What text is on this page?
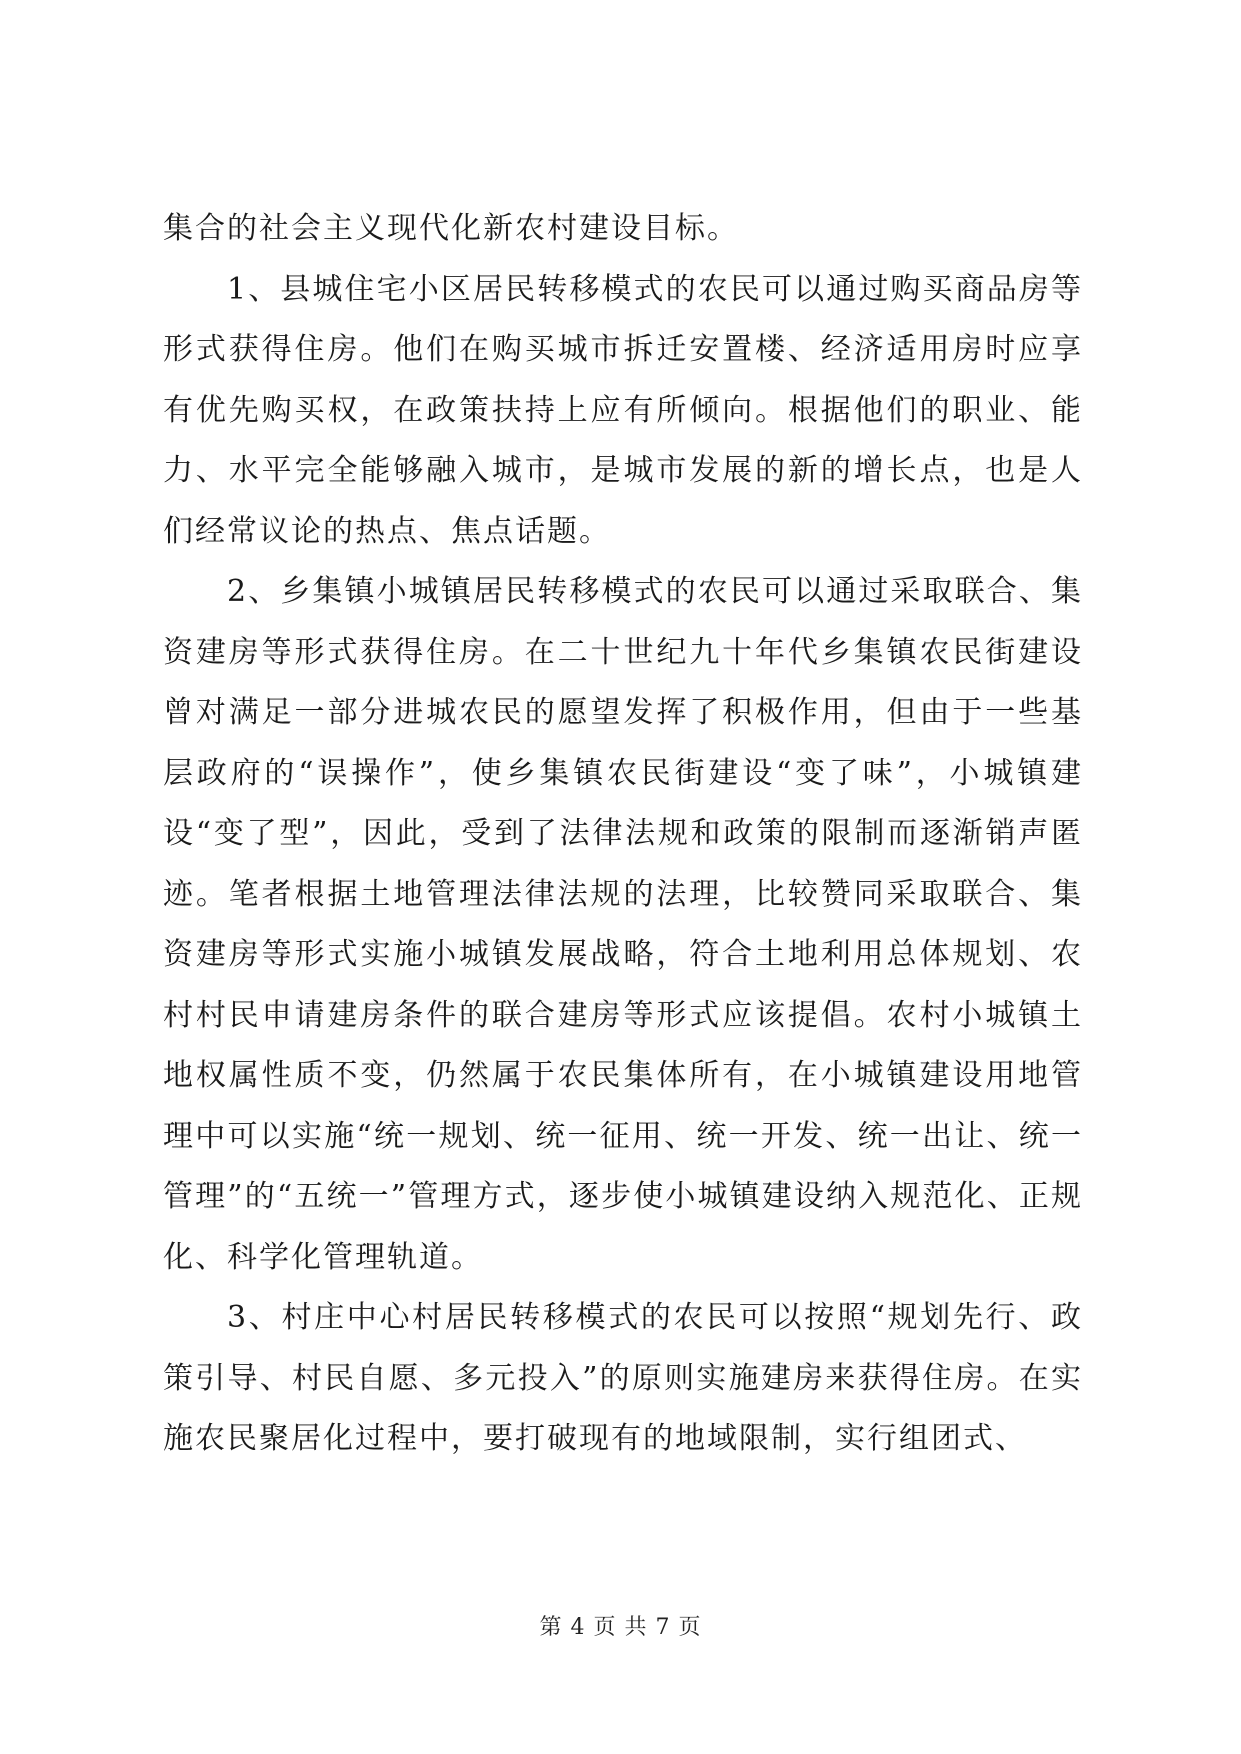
集合的社会主义现代化新农村建设目标。

1、县城住宅小区居民转移模式的农民可以通过购买商品房等形式获得住房。他们在购买城市拆迁安置楼、经济适用房时应享有优先购买权，在政策扶持上应有所倾向。根据他们的职业、能力、水平完全能够融入城市，是城市发展的新的增长点，也是人们经常议论的热点、焦点话题。

2、乡集镇小城镇居民转移模式的农民可以通过采取联合、集资建房等形式获得住房。在二十世纪九十年代乡集镇农民街建设曾对满足一部分进城农民的愿望发挥了积极作用，但由于一些基层政府的“误操作”，使乡集镇农民街建设“变了味”，小城镇建设“变了型”，因此，受到了法律法规和政策的限制而逐渐销声匿迹。笔者根据土地管理法律法规的法理，比较赞同采取联合、集资建房等形式实施小城镇发展战略，符合土地利用总体规划、农村村民申请建房条件的联合建房等形式应该提倡。农村小城镇土地权属性质不变，仍然属于农民集体所有，在小城镇建设用地管理中可以实施“统一规划、统一征用、统一开发、统一出让、统一管理”的“五统一”管理方式，逐步使小城镇建设纳入规范化、正规化、科学化管理轨道。

3、村庄中心村居民转移模式的农民可以按照“规划先行、政策引导、村民自愿、多元投入”的原则实施建房来获得住房。在实施农民聚居化过程中，要打破现有的地域限制，实行组团式、

第 4 页 共 7 页
